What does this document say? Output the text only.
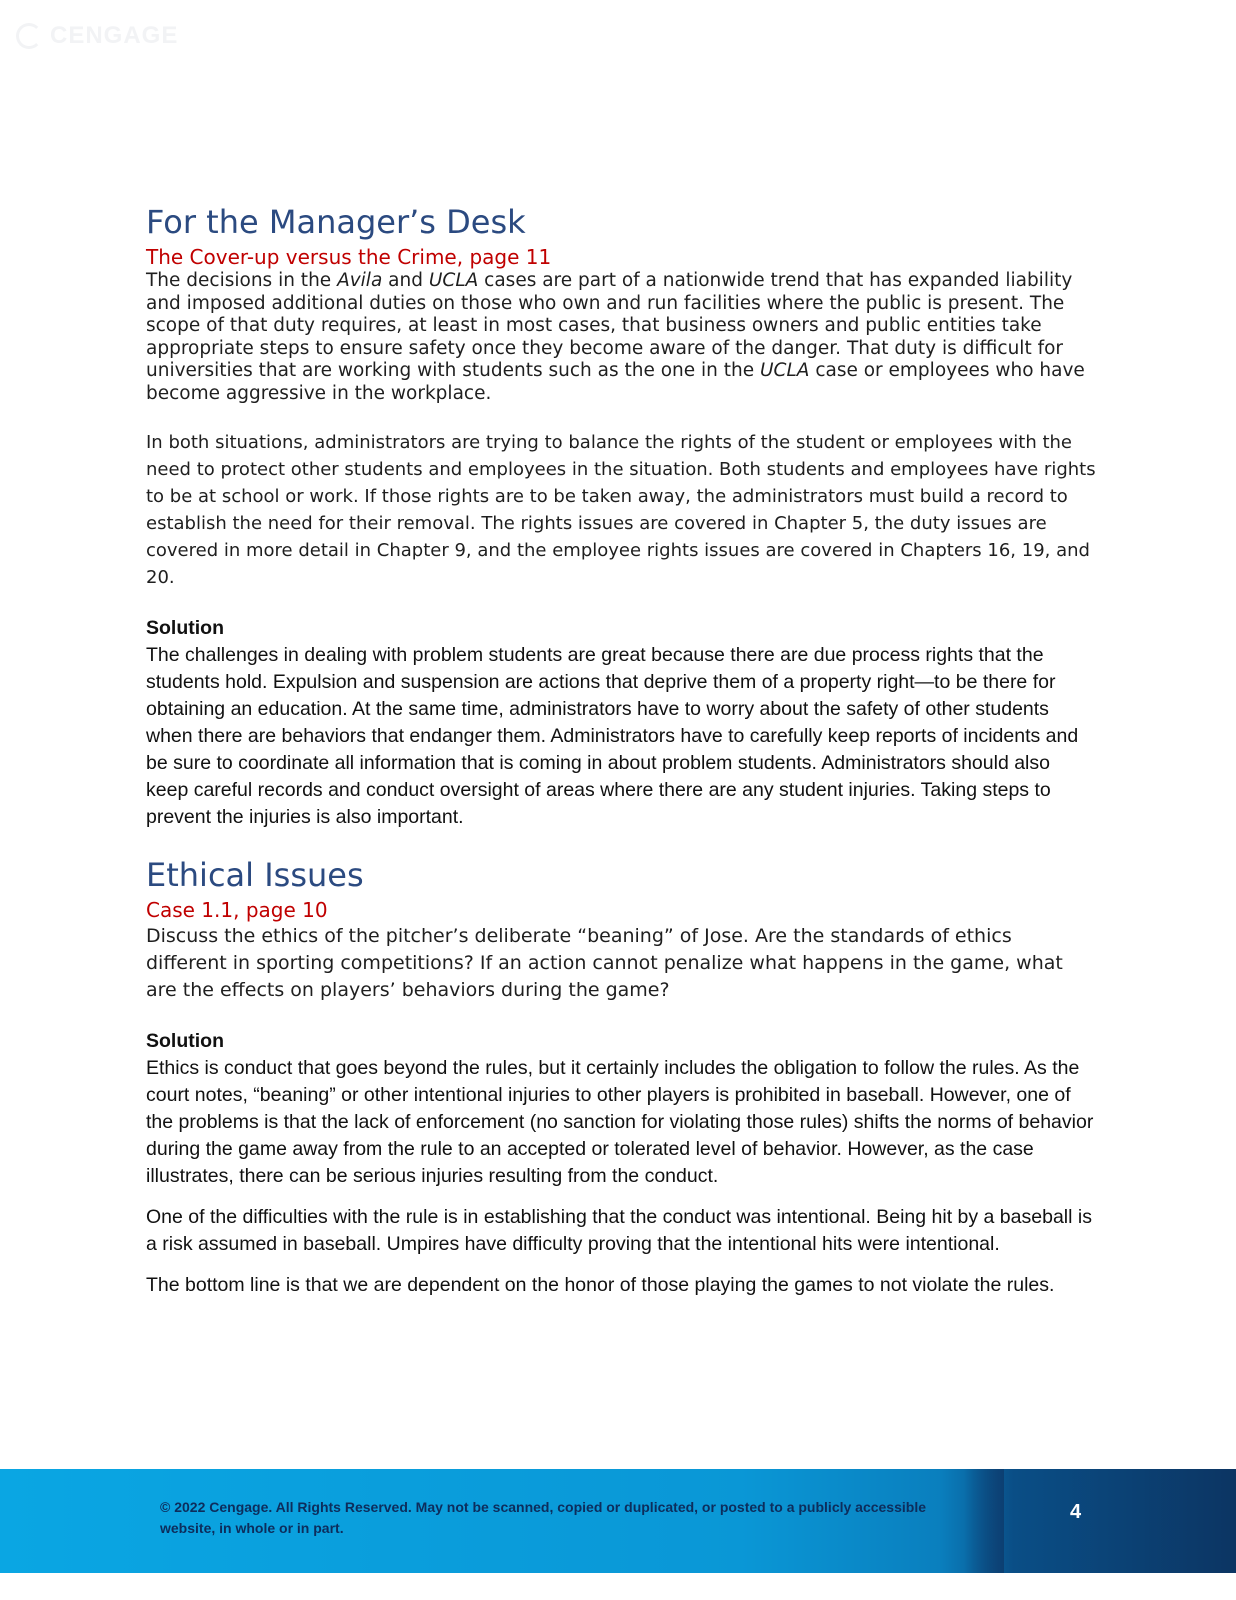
CENGAGE
For the Manager’s Desk
The Cover-up versus the Crime, page 11

The decisions in the Avila and UCLA cases are part of a nationwide trend that has expanded liability and imposed additional duties on those who own and run facilities where the public is present. The scope of that duty requires, at least in most cases, that business owners and public entities take appropriate steps to ensure safety once they become aware of the danger. That duty is difficult for universities that are working with students such as the one in the UCLA case or employees who have become aggressive in the workplace.

In both situations, administrators are trying to balance the rights of the student or employees with the need to protect other students and employees in the situation. Both students and employees have rights to be at school or work. If those rights are to be taken away, the administrators must build a record to establish the need for their removal. The rights issues are covered in Chapter 5, the duty issues are covered in more detail in Chapter 9, and the employee rights issues are covered in Chapters 16, 19, and 20.

Solution

The challenges in dealing with problem students are great because there are due process rights that the students hold. Expulsion and suspension are actions that deprive them of a property right—to be there for obtaining an education. At the same time, administrators have to worry about the safety of other students when there are behaviors that endanger them. Administrators have to carefully keep reports of incidents and be sure to coordinate all information that is coming in about problem students. Administrators should also keep careful records and conduct oversight of areas where there are any student injuries. Taking steps to prevent the injuries is also important.

Ethical Issues
Case 1.1, page 10

Discuss the ethics of the pitcher’s deliberate “beaning” of Jose. Are the standards of ethics different in sporting competitions? If an action cannot penalize what happens in the game, what are the effects on players’ behaviors during the game?

Solution

Ethics is conduct that goes beyond the rules, but it certainly includes the obligation to follow the rules. As the court notes, “beaning” or other intentional injuries to other players is prohibited in baseball. However, one of the problems is that the lack of enforcement (no sanction for violating those rules) shifts the norms of behavior during the game away from the rule to an accepted or tolerated level of behavior. However, as the case illustrates, there can be serious injuries resulting from the conduct.

One of the difficulties with the rule is in establishing that the conduct was intentional. Being hit by a baseball is a risk assumed in baseball. Umpires have difficulty proving that the intentional hits were intentional.

The bottom line is that we are dependent on the honor of those playing the games to not violate the rules.

© 2022 Cengage. All Rights Reserved. May not be scanned, copied or duplicated, or posted to a publicly accessible website, in whole or in part.
4
